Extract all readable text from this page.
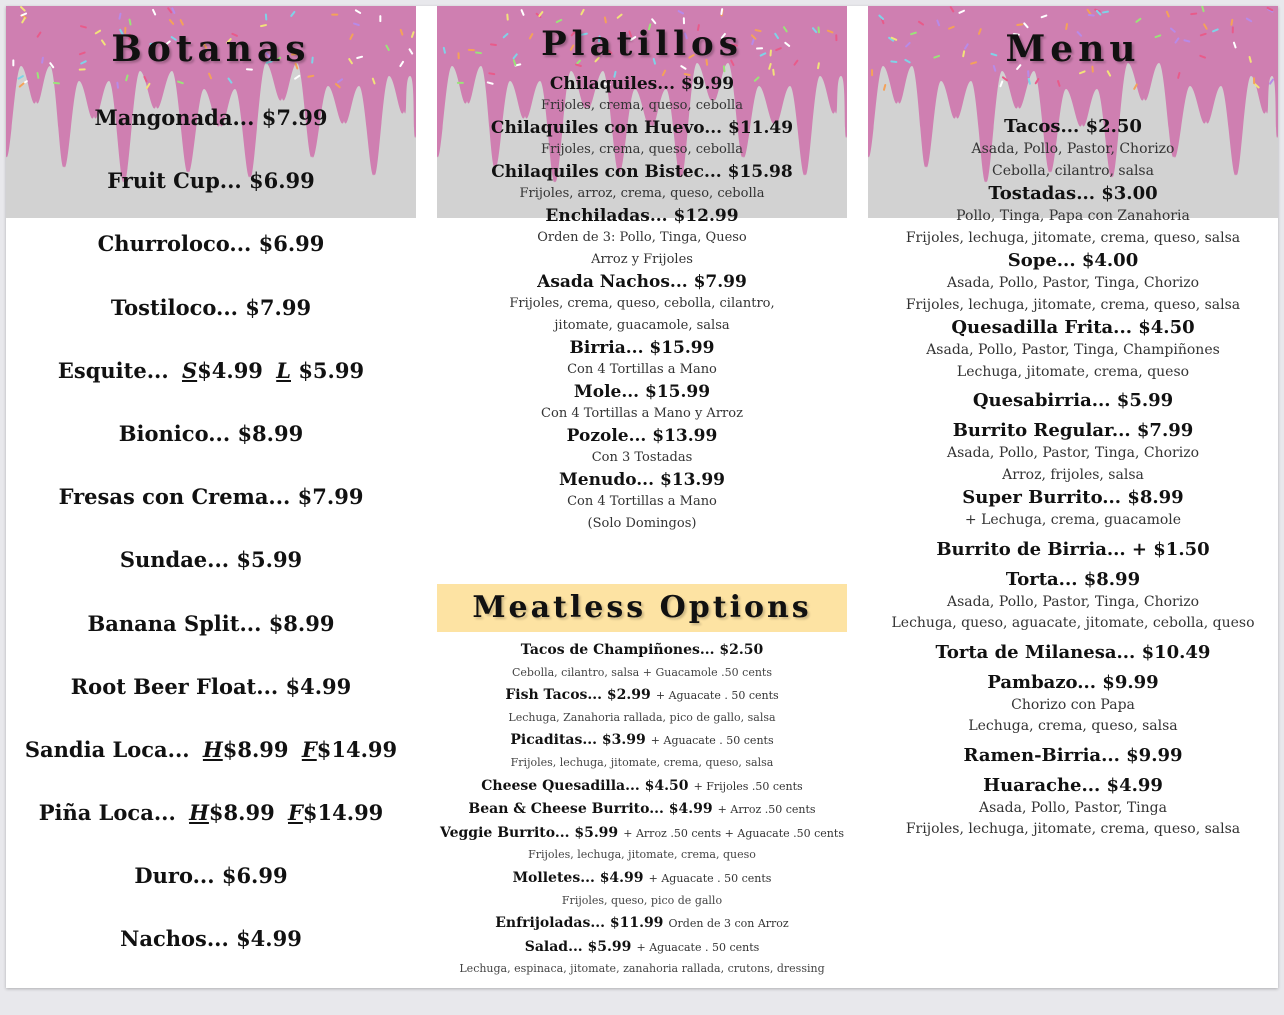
Botanas
Mangonada... $7.99
Fruit Cup... $6.99
Churroloco... $6.99
Tostiloco... $7.99
Esquite... S$4.99 L $5.99
Bionico... $8.99
Fresas con Crema... $7.99
Sundae... $5.99
Banana Split... $8.99
Root Beer Float... $4.99
Sandia Loca... H$8.99 F$14.99
Piña Loca... H$8.99 F$14.99
Duro... $6.99
Nachos... $4.99
Platillos
Chilaquiles... $9.99
Frijoles, crema, queso, cebolla
Chilaquiles con Huevo... $11.49
Frijoles, crema, queso, cebolla
Chilaquiles con Bistec... $15.98
Frijoles, arroz, crema, queso, cebolla
Enchiladas... $12.99
Orden de 3: Pollo, Tinga, Queso
Arroz y Frijoles
Asada Nachos... $7.99
Frijoles, crema, queso, cebolla, cilantro,
jitomate, guacamole, salsa
Birria... $15.99
Con 4 Tortillas a Mano
Mole... $15.99
Con 4 Tortillas a Mano y Arroz
Pozole... $13.99
Con 3 Tostadas
Menudo... $13.99
Con 4 Tortillas a Mano
(Solo Domingos)
Meatless Options
Tacos de Champiñones... $2.50
Cebolla, cilantro, salsa + Guacamole .50 cents
Fish Tacos... $2.99 + Aguacate . 50 cents
Lechuga, Zanahoria rallada, pico de gallo, salsa
Picaditas... $3.99 + Aguacate . 50 cents
Frijoles, lechuga, jitomate, crema, queso, salsa
Cheese Quesadilla... $4.50 + Frijoles .50 cents
Bean & Cheese Burrito... $4.99 + Arroz .50 cents
Veggie Burrito... $5.99 + Arroz .50 cents + Aguacate .50 cents
Frijoles, lechuga, jitomate, crema, queso
Molletes... $4.99 + Aguacate . 50 cents
Frijoles, queso, pico de gallo
Enfrijoladas... $11.99 Orden de 3 con Arroz
Salad... $5.99 + Aguacate . 50 cents
Lechuga, espinaca, jitomate, zanahoria rallada, crutons, dressing
Menu
Tacos... $2.50
Asada, Pollo, Pastor, Chorizo
Cebolla, cilantro, salsa
Tostadas... $3.00
Pollo, Tinga, Papa con Zanahoria
Frijoles, lechuga, jitomate, crema, queso, salsa
Sope... $4.00
Asada, Pollo, Pastor, Tinga, Chorizo
Frijoles, lechuga, jitomate, crema, queso, salsa
Quesadilla Frita... $4.50
Asada, Pollo, Pastor, Tinga, Champiñones
Lechuga, jitomate, crema, queso
Quesabirria... $5.99
Burrito Regular... $7.99
Asada, Pollo, Pastor, Tinga, Chorizo
Arroz, frijoles, salsa
Super Burrito... $8.99
+ Lechuga, crema, guacamole
Burrito de Birria... + $1.50
Torta... $8.99
Asada, Pollo, Pastor, Tinga, Chorizo
Lechuga, queso, aguacate, jitomate, cebolla, queso
Torta de Milanesa... $10.49
Pambazo... $9.99
Chorizo con Papa
Lechuga, crema, queso, salsa
Ramen-Birria... $9.99
Huarache... $4.99
Asada, Pollo, Pastor, Tinga
Frijoles, lechuga, jitomate, crema, queso, salsa
